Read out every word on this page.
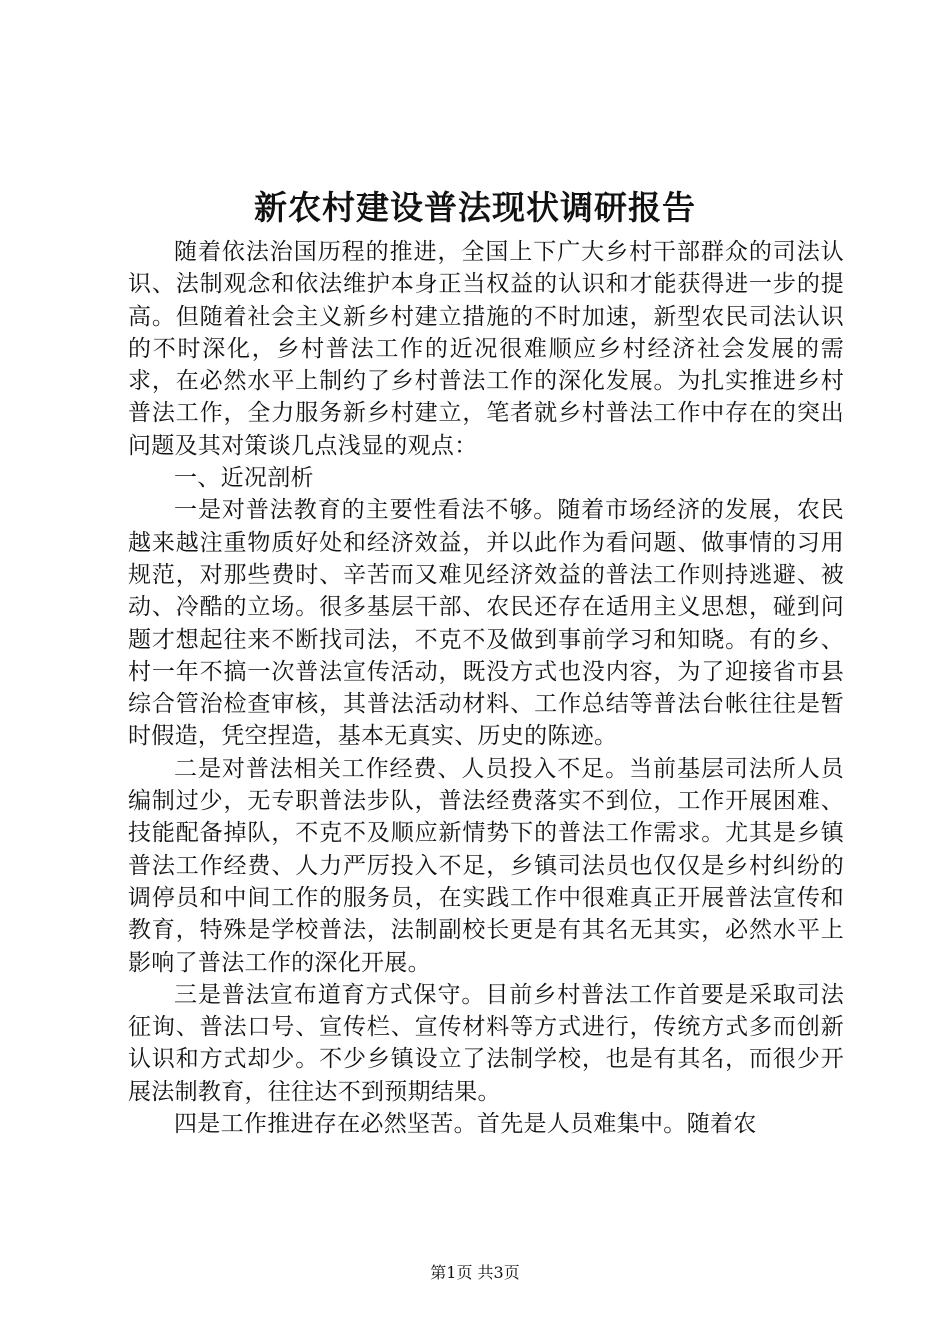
新农村建设普法现状调研报告

随着依法治国历程的推进，全国上下广大乡村干部群众的司法认识、法制观念和依法维护本身正当权益的认识和才能获得进一步的提高。但随着社会主义新乡村建立措施的不时加速，新型农民司法认识的不时深化，乡村普法工作的近况很难顺应乡村经济社会发展的需求，在必然水平上制约了乡村普法工作的深化发展。为扎实推进乡村普法工作，全力服务新乡村建立，笔者就乡村普法工作中存在的突出问题及其对策谈几点浅显的观点：

一、近况剖析

一是对普法教育的主要性看法不够。随着市场经济的发展，农民越来越注重物质好处和经济效益，并以此作为看问题、做事情的习用规范，对那些费时、辛苦而又难见经济效益的普法工作则持逃避、被动、冷酷的立场。很多基层干部、农民还存在适用主义思想，碰到问题才想起往来不断找司法，不克不及做到事前学习和知晓。有的乡、村一年不搞一次普法宣传活动，既没方式也没内容，为了迎接省市县综合管治检查审核，其普法活动材料、工作总结等普法台帐往往是暂时假造，凭空捏造，基本无真实、历史的陈迹。

二是对普法相关工作经费、人员投入不足。当前基层司法所人员编制过少，无专职普法步队，普法经费落实不到位，工作开展困难、技能配备掉队，不克不及顺应新情势下的普法工作需求。尤其是乡镇普法工作经费、人力严厉投入不足，乡镇司法员也仅仅是乡村纠纷的调停员和中间工作的服务员，在实践工作中很难真正开展普法宣传和教育，特殊是学校普法，法制副校长更是有其名无其实，必然水平上影响了普法工作的深化开展。

三是普法宣布道育方式保守。目前乡村普法工作首要是采取司法征询、普法口号、宣传栏、宣传材料等方式进行，传统方式多而创新认识和方式却少。不少乡镇设立了法制学校，也是有其名，而很少开展法制教育，往往达不到预期结果。

四是工作推进存在必然坚苦。首先是人员难集中。随着农

第1页 共3页
